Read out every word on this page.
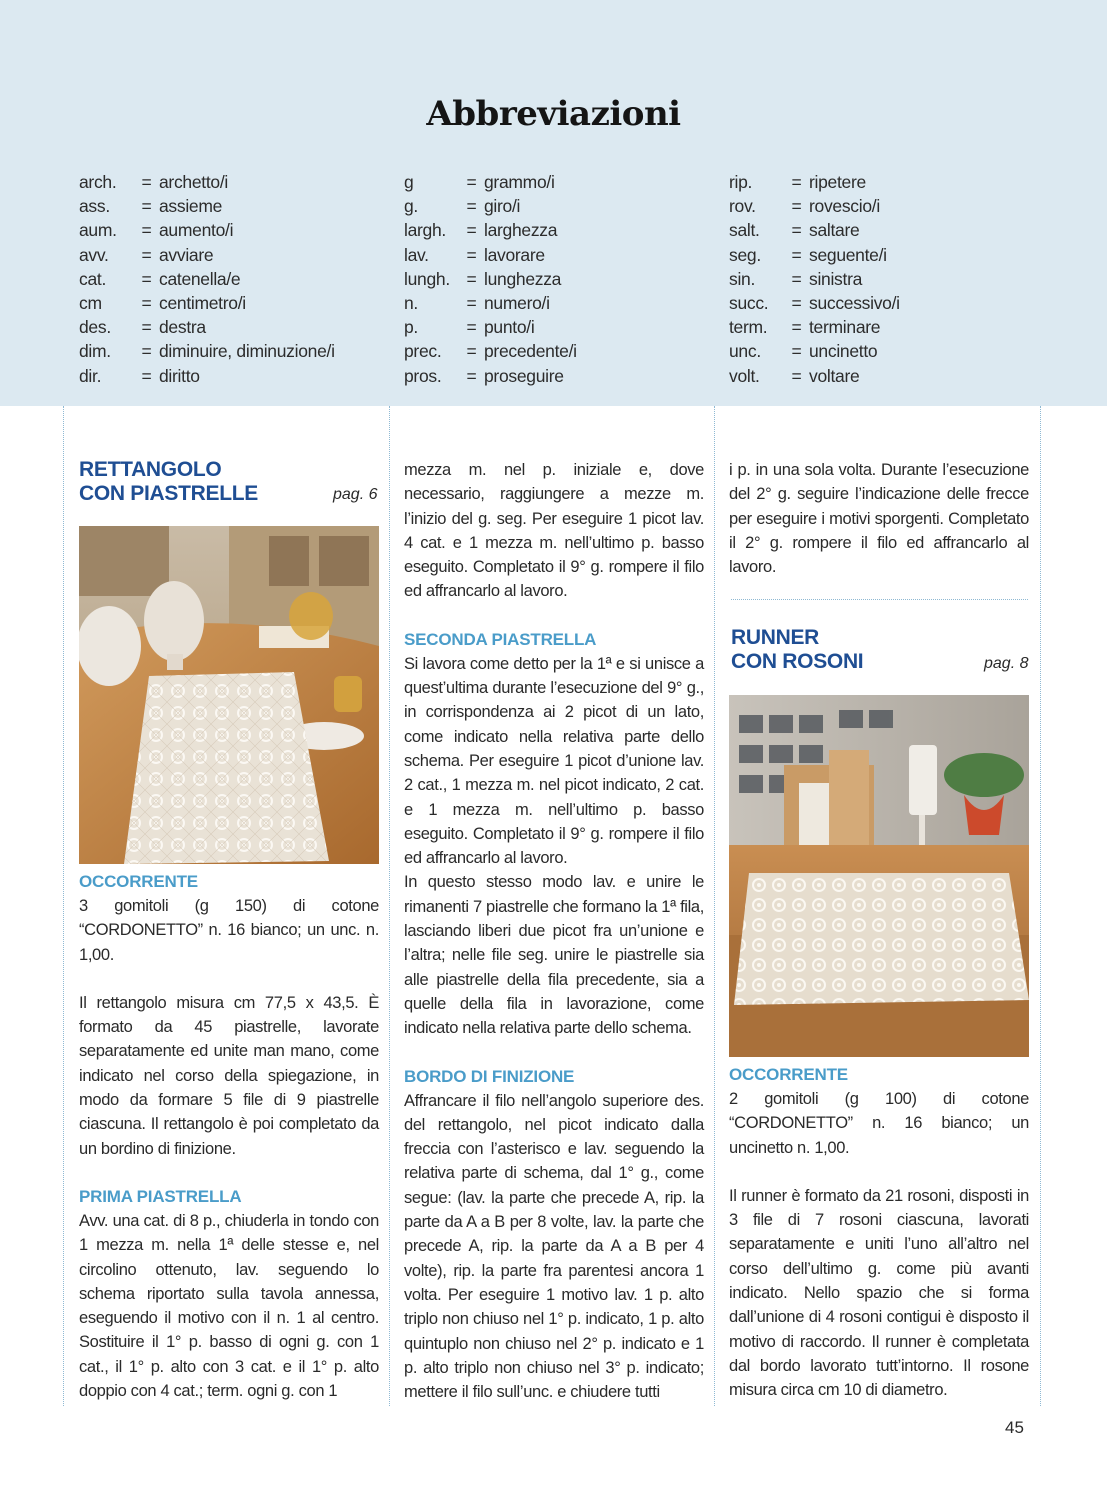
Abbreviazioni
arch. = archetto/i
ass. = assieme
aum. = aumento/i
avv. = avviare
cat. = catenella/e
cm = centimetro/i
des. = destra
dim. = diminuire, diminuzione/i
dir. = diritto
g	= grammo/i
g.	= giro/i
largh. = larghezza
lav. = lavorare
lungh. = lunghezza
n.	= numero/i
p.	= punto/i
prec. = precedente/i
pros. = proseguire
rip. = ripetere
rov. = rovescio/i
salt. = saltare
seg. = seguente/i
sin. = sinistra
succ. = successivo/i
term. = terminare
unc. = uncinetto
volt. = voltare
RETTANGOLO
CON PIASTRELLE	pag. 6
OCCORRENTE
3 gomitoli (g 150) di cotone “CORDONETTO” n. 16 bianco; un unc. n. 1,00.
Il rettangolo misura cm 77,5 x 43,5. È formato da 45 piastrelle, lavorate separatamente ed unite man mano, come indicato nel corso della spiegazione, in modo da formare 5 file di 9 piastrelle ciascuna. Il rettangolo è poi completato da un bordino di finizione.
PRIMA PIASTRELLA
Avv. una cat. di 8 p., chiuderla in tondo con 1 mezza m. nella 1ª delle stesse e, nel circolino ottenuto, lav. seguendo lo schema riportato sulla tavola annessa, eseguendo il motivo con il n. 1 al centro. Sostituire il 1° p. basso di ogni g. con 1 cat., il 1° p. alto con 3 cat. e il 1° p. alto doppio con 4 cat.; term. ogni g. con 1
mezza m. nel p. iniziale e, dove necessario, raggiungere a mezze m. l’inizio del g. seg. Per eseguire 1 picot lav. 4 cat. e 1 mezza m. nell’ultimo p. basso eseguito. Completato il 9° g. rompere il filo ed affrancarlo al lavoro.
SECONDA PIASTRELLA
Si lavora come detto per la 1ª e si unisce a quest’ultima durante l’esecuzione del 9° g., in corrispondenza ai 2 picot di un lato, come indicato nella relativa parte dello schema. Per eseguire 1 picot d’unione lav. 2 cat., 1 mezza m. nel picot indicato, 2 cat. e 1 mezza m. nell’ultimo p. basso eseguito. Completato il 9° g. rompere il filo ed affrancarlo al lavoro.
In questo stesso modo lav. e unire le rimanenti 7 piastrelle che formano la 1ª fila, lasciando liberi due picot fra un’unione e l’altra; nelle file seg. unire le piastrelle sia alle piastrelle della fila precedente, sia a quelle della fila in lavorazione, come indicato nella relativa parte dello schema.
BORDO DI FINIZIONE
Affrancare il filo nell’angolo superiore des. del rettangolo, nel picot indicato dalla freccia con l’asterisco e lav. seguendo la relativa parte di schema, dal 1° g., come segue: (lav. la parte che precede A, rip. la parte da A a B per 8 volte, lav. la parte che precede A, rip. la parte da A a B per 4 volte), rip. la parte fra parentesi ancora 1 volta. Per eseguire 1 motivo lav. 1 p. alto triplo non chiuso nel 1° p. indicato, 1 p. alto quintuplo non chiuso nel 2° p. indicato e 1 p. alto triplo non chiuso nel 3° p. indicato; mettere il filo sull’unc. e chiudere tutti
i p. in una sola volta. Durante l’esecuzione del 2° g. seguire l’indicazione delle frecce per eseguire i motivi sporgenti. Completato il 2° g. rompere il filo ed affrancarlo al lavoro.
RUNNER
CON ROSONI	pag. 8
OCCORRENTE
2 gomitoli (g 100) di cotone “CORDONETTO” n. 16 bianco; un uncinetto n. 1,00.
Il runner è formato da 21 rosoni, disposti in 3 file di 7 rosoni ciascuna, lavorati separatamente e uniti l’uno all’altro nel corso dell’ultimo g. come più avanti indicato. Nello spazio che si forma dall’unione di 4 rosoni contigui è disposto il motivo di raccordo. Il runner è completata dal bordo lavorato tutt’intorno. Il rosone misura circa cm 10 di diametro.
45
